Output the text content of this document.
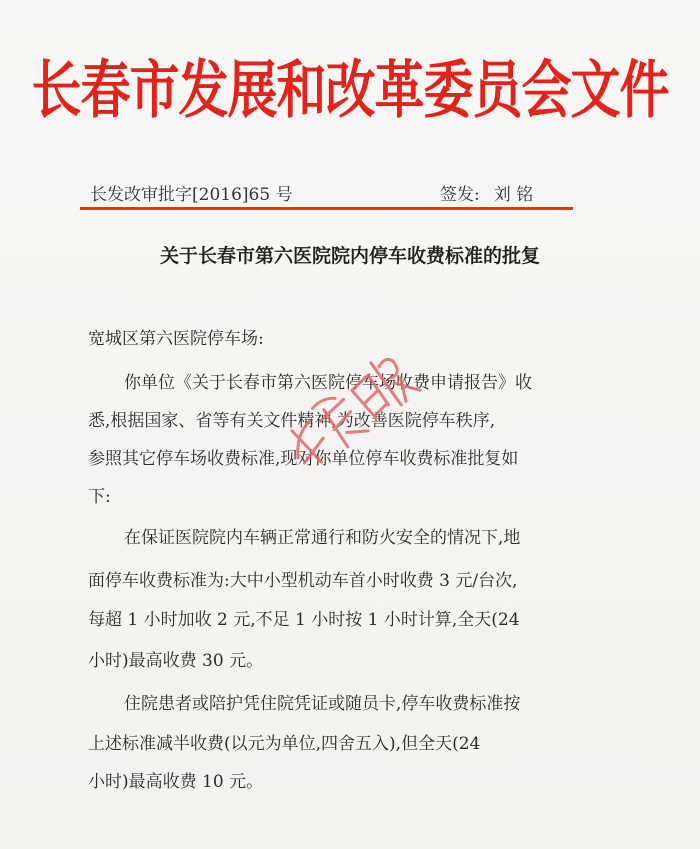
长春市发展和改革委员会文件
长发改审批字[2016]65 号	签发: 刘 铭
关于长春市第六医院院内停车收费标准的批复
宽城区第六医院停车场:
你单位《关于长春市第六医院停车场收费申请报告》收
悉,根据国家、省等有关文件精神,为改善医院停车秩序,
参照其它停车场收费标准,现对你单位停车收费标准批复如
下:
在保证医院院内车辆正常通行和防火安全的情况下,地
面停车收费标准为:大中小型机动车首小时收费 3 元/台次,
每超 1 小时加收 2 元,不足 1 小时按 1 小时计算,全天(24
小时)最高收费 30 元。
住院患者或陪护凭住院凭证或随员卡,停车收费标准按
上述标准减半收费(以元为单位,四舍五入),但全天(24
小时)最高收费 10 元。
